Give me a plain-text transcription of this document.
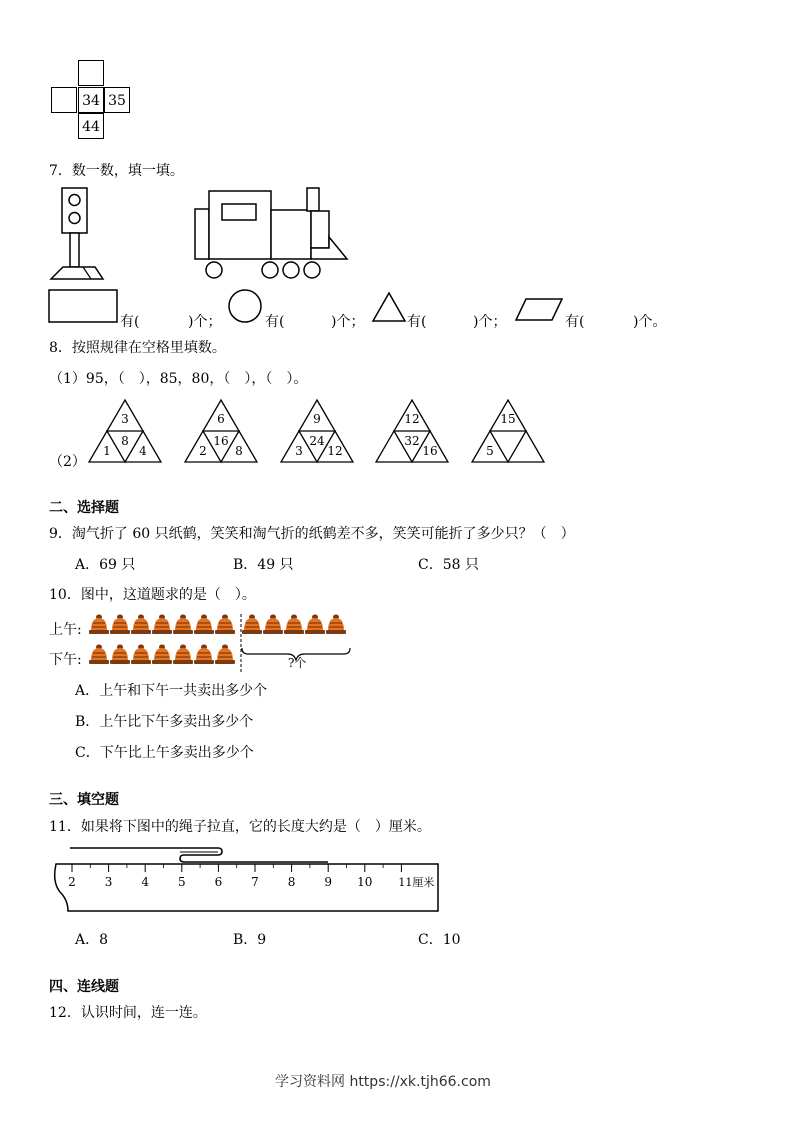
34 35
44
7．数一数，填一填。
有(	)个；	有(	)个；	有(	)个；	有(	)个。
8．按照规律在空格里填数。
（1）95，（　），85，80，（　），（　）。
（2）
3
8
1 4
6
16
2 8
9
24
3 12
12
32
16
15
5
二、选择题
9．淘气折了 60 只纸鹤，笑笑和淘气折的纸鹤差不多，笑笑可能折了多少只？（　）
A．69 只	B．49 只	C．58 只
10．图中，这道题求的是（　）。
上午:
下午:	?个
A．上午和下午一共卖出多少个
B．上午比下午多卖出多少个
C．下午比上午多卖出多少个
三、填空题
11．如果将下图中的绳子拉直，它的长度大约是（　）厘米。
2 3 4 5 6 7 8 9 10 11厘米
A．8	B．9	C．10
四、连线题
12．认识时间，连一连。
学习资料网 https://xk.tjh66.com
